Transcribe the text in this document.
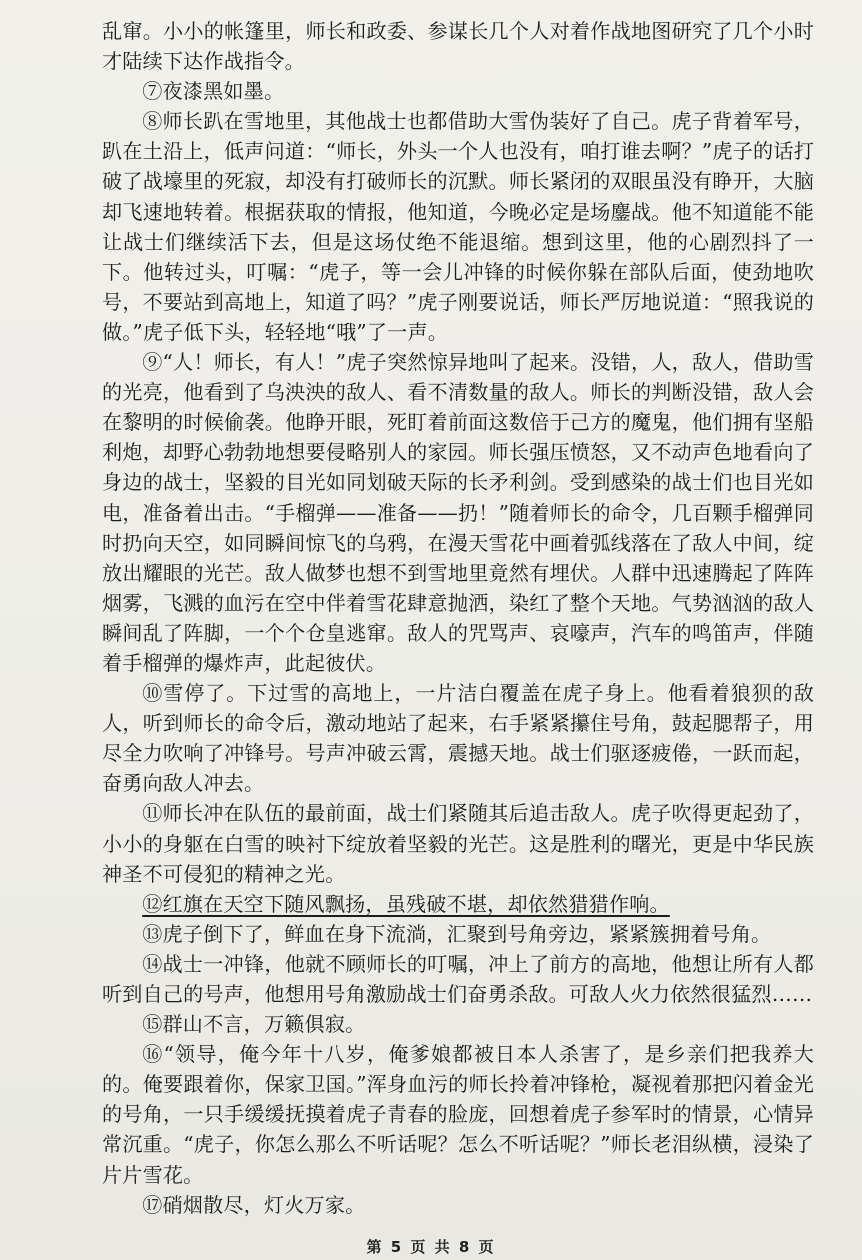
乱窜。小小的帐篷里，师长和政委、参谋长几个人对着作战地图研究了几个小时才陆续下达作战指令。

⑦夜漆黑如墨。

⑧师长趴在雪地里，其他战士也都借助大雪伪装好了自己。虎子背着军号，趴在土沿上，低声问道：“师长，外头一个人也没有，咱打谁去啊？”虎子的话打破了战壕里的死寂，却没有打破师长的沉默。师长紧闭的双眼虽没有睁开，大脑却飞速地转着。根据获取的情报，他知道，今晚必定是场鏖战。他不知道能不能让战士们继续活下去，但是这场仗绝不能退缩。想到这里，他的心剧烈抖了一下。他转过头，叮嘱：“虎子，等一会儿冲锋的时候你躲在部队后面，使劲地吹号，不要站到高地上，知道了吗？”虎子刚要说话，师长严厉地说道：“照我说的做。”虎子低下头，轻轻地“哦”了一声。

⑨“人！师长，有人！”虎子突然惊异地叫了起来。没错，人，敌人，借助雪的光亮，他看到了乌泱泱的敌人、看不清数量的敌人。师长的判断没错，敌人会在黎明的时候偷袭。他睁开眼，死盯着前面这数倍于己方的魔鬼，他们拥有坚船利炮，却野心勃勃地想要侵略别人的家园。师长强压愤怒，又不动声色地看向了身边的战士，坚毅的目光如同划破天际的长矛利剑。受到感染的战士们也目光如电，准备着出击。“手榴弹——准备——扔！”随着师长的命令，几百颗手榴弹同时扔向天空，如同瞬间惊飞的乌鸦，在漫天雪花中画着弧线落在了敌人中间，绽放出耀眼的光芒。敌人做梦也想不到雪地里竟然有埋伏。人群中迅速腾起了阵阵烟雾，飞溅的血污在空中伴着雪花肆意抛洒，染红了整个天地。气势汹汹的敌人瞬间乱了阵脚，一个个仓皇逃窜。敌人的咒骂声、哀嚎声，汽车的鸣笛声，伴随着手榴弹的爆炸声，此起彼伏。

⑩雪停了。下过雪的高地上，一片洁白覆盖在虎子身上。他看着狼狈的敌人，听到师长的命令后，激动地站了起来，右手紧紧攥住号角，鼓起腮帮子，用尽全力吹响了冲锋号。号声冲破云霄，震撼天地。战士们驱逐疲倦，一跃而起，奋勇向敌人冲去。

⑪师长冲在队伍的最前面，战士们紧随其后追击敌人。虎子吹得更起劲了，小小的身躯在白雪的映衬下绽放着坚毅的光芒。这是胜利的曙光，更是中华民族神圣不可侵犯的精神之光。

⑫红旗在天空下随风飘扬，虽残破不堪，却依然猎猎作响。

⑬虎子倒下了，鲜血在身下流淌，汇聚到号角旁边，紧紧簇拥着号角。

⑭战士一冲锋，他就不顾师长的叮嘱，冲上了前方的高地，他想让所有人都听到自己的号声，他想用号角激励战士们奋勇杀敌。可敌人火力依然很猛烈……

⑮群山不言，万籁俱寂。

⑯“领导，俺今年十八岁，俺爹娘都被日本人杀害了，是乡亲们把我养大的。俺要跟着你，保家卫国。”浑身血污的师长拎着冲锋枪，凝视着那把闪着金光的号角，一只手缓缓抚摸着虎子青春的脸庞，回想着虎子参军时的情景，心情异常沉重。“虎子，你怎么那么不听话呢？怎么不听话呢？”师长老泪纵横，浸染了片片雪花。

⑰硝烟散尽，灯火万家。

第 5 页 共 8 页
